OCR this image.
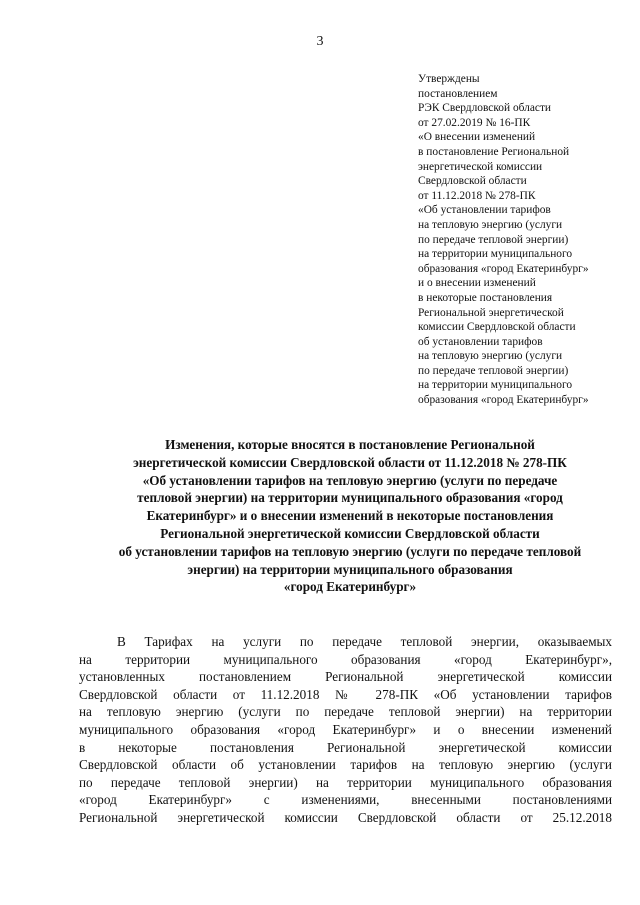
3
Утверждены
постановлением
РЭК Свердловской области
от 27.02.2019 № 16-ПК
«О внесении изменений
в постановление Региональной
энергетической комиссии
Свердловской области
от 11.12.2018 № 278-ПК
«Об установлении тарифов
на тепловую энергию (услуги
по передаче тепловой энергии)
на территории муниципального
образования «город Екатеринбург»
и о внесении изменений
в некоторые постановления
Региональной энергетической
комиссии Свердловской области
об установлении тарифов
на тепловую энергию (услуги
по передаче тепловой энергии)
на территории муниципального
образования «город Екатеринбург»
Изменения, которые вносятся в постановление Региональной
энергетической комиссии Свердловской области от 11.12.2018 № 278-ПК
«Об установлении тарифов на тепловую энергию (услуги по передаче
тепловой энергии) на территории муниципального образования «город
Екатеринбург» и о внесении изменений в некоторые постановления
Региональной энергетической комиссии Свердловской области
об установлении тарифов на тепловую энергию (услуги по передаче тепловой
энергии) на территории муниципального образования
«город Екатеринбург»
В Тарифах на услуги по передаче тепловой энергии, оказываемых
на территории муниципального образования «город Екатеринбург»,
установленных постановлением Региональной энергетической комиссии
Свердловской области от 11.12.2018 № 278-ПК «Об установлении тарифов
на тепловую энергию (услуги по передаче тепловой энергии) на территории
муниципального образования «город Екатеринбург» и о внесении изменений
в некоторые постановления Региональной энергетической комиссии
Свердловской области об установлении тарифов на тепловую энергию (услуги
по передаче тепловой энергии) на территории муниципального образования
«город Екатеринбург» с изменениями, внесенными постановлениями
Региональной энергетической комиссии Свердловской области от 25.12.2018
